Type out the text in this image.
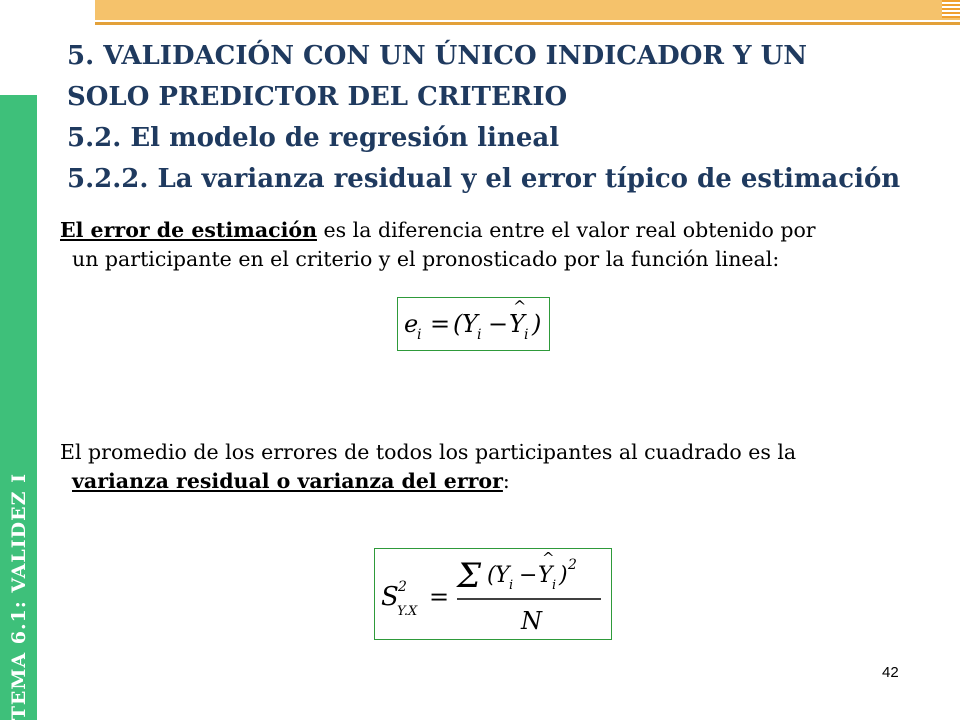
TEMA 6.1: VALIDEZ I
5. VALIDACIÓN CON UN ÚNICO INDICADOR Y UN
SOLO PREDICTOR DEL CRITERIO
5.2. El modelo de regresión lineal
5.2.2. La varianza residual y el error típico de estimación
El error de estimación es la diferencia entre el valor real obtenido por
un participante en el criterio y el pronosticado por la función lineal:
e
i = ( Y i − Y
^
i )
El promedio de los errores de todos los participantes al cuadrado es la
varianza residual o varianza del error:
S 2
Y.X
=
Σ ( Y i − Y
^
i ) 2
N
42
